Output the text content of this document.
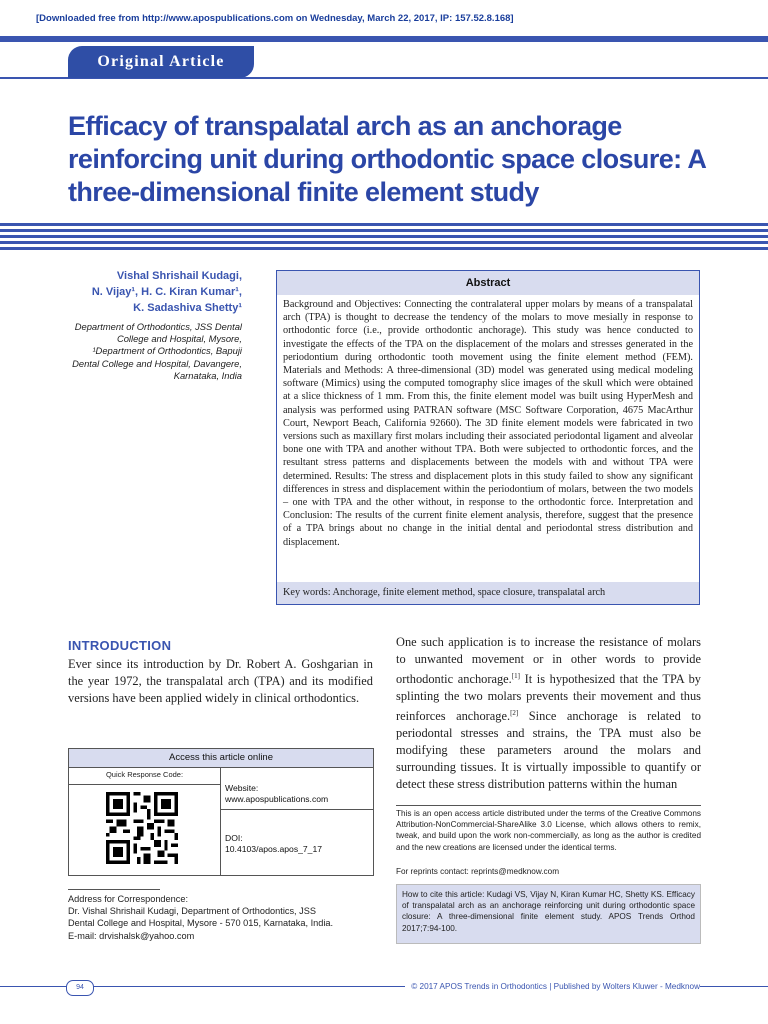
[Downloaded free from http://www.apospublications.com on Wednesday, March 22, 2017, IP: 157.52.8.168]
Original Article
Efficacy of transpalatal arch as an anchorage reinforcing unit during orthodontic space closure: A three-dimensional finite element study
Vishal Shrishail Kudagi,
N. Vijay¹, H. C. Kiran Kumar¹,
K. Sadashiva Shetty¹
Department of Orthodontics, JSS Dental College and Hospital, Mysore, ¹Department of Orthodontics, Bapuji Dental College and Hospital, Davangere, Karnataka, India
Abstract
Background and Objectives: Connecting the contralateral upper molars by means of a transpalatal arch (TPA) is thought to decrease the tendency of the molars to move mesially in response to orthodontic force (i.e., provide orthodontic anchorage). This study was hence conducted to investigate the effects of the TPA on the displacement of the molars and stresses generated in the periodontium during orthodontic tooth movement using the finite element method (FEM). Materials and Methods: A three-dimensional (3D) model was generated using medical modeling software (Mimics) using the computed tomography slice images of the skull which were obtained at a slice thickness of 1 mm. From this, the finite element model was built using HyperMesh and analysis was performed using PATRAN software (MSC Software Corporation, 4675 MacArthur Court, Newport Beach, California 92660). The 3D finite element models were fabricated in two versions such as maxillary first molars including their associated periodontal ligament and alveolar bone one with TPA and another without TPA. Both were subjected to orthodontic forces, and the resultant stress patterns and displacements between the models with and without TPA were determined. Results: The stress and displacement plots in this study failed to show any significant differences in stress and displacement within the periodontium of molars, between the two models – one with TPA and the other without, in response to the orthodontic force. Interpretation and Conclusion: The results of the current finite element analysis, therefore, suggest that the presence of a TPA brings about no change in the initial dental and periodontal stress distribution and displacement.
Key words: Anchorage, finite element method, space closure, transpalatal arch
INTRODUCTION
Ever since its introduction by Dr. Robert A. Goshgarian in the year 1972, the transpalatal arch (TPA) and its modified versions have been applied widely in clinical orthodontics.
One such application is to increase the resistance of molars to unwanted movement or in other words to provide orthodontic anchorage.[1] It is hypothesized that the TPA by splinting the two molars prevents their movement and thus reinforces anchorage.[2] Since anchorage is related to periodontal stresses and strains, the TPA must also be modifying these parameters around the molars and surrounding tissues. It is virtually impossible to quantify or detect these stress distribution patterns within the human
Access this article online
Quick Response Code:
Website:
www.apospublications.com
DOI:
10.4103/apos.apos_7_17
Address for Correspondence:
Dr. Vishal Shrishail Kudagi, Department of Orthodontics, JSS
Dental College and Hospital, Mysore - 570 015, Karnataka, India.
E-mail: drvishalsk@yahoo.com
This is an open access article distributed under the terms of the Creative Commons Attribution-NonCommercial-ShareAlike 3.0 License, which allows others to remix, tweak, and build upon the work non-commercially, as long as the author is credited and the new creations are licensed under the identical terms.
For reprints contact: reprints@medknow.com
How to cite this article: Kudagi VS, Vijay N, Kiran Kumar HC, Shetty KS. Efficacy of transpalatal arch as an anchorage reinforcing unit during orthodontic space closure: A three-dimensional finite element study. APOS Trends Orthod 2017;7:94-100.
94	© 2017 APOS Trends in Orthodontics | Published by Wolters Kluwer - Medknow
